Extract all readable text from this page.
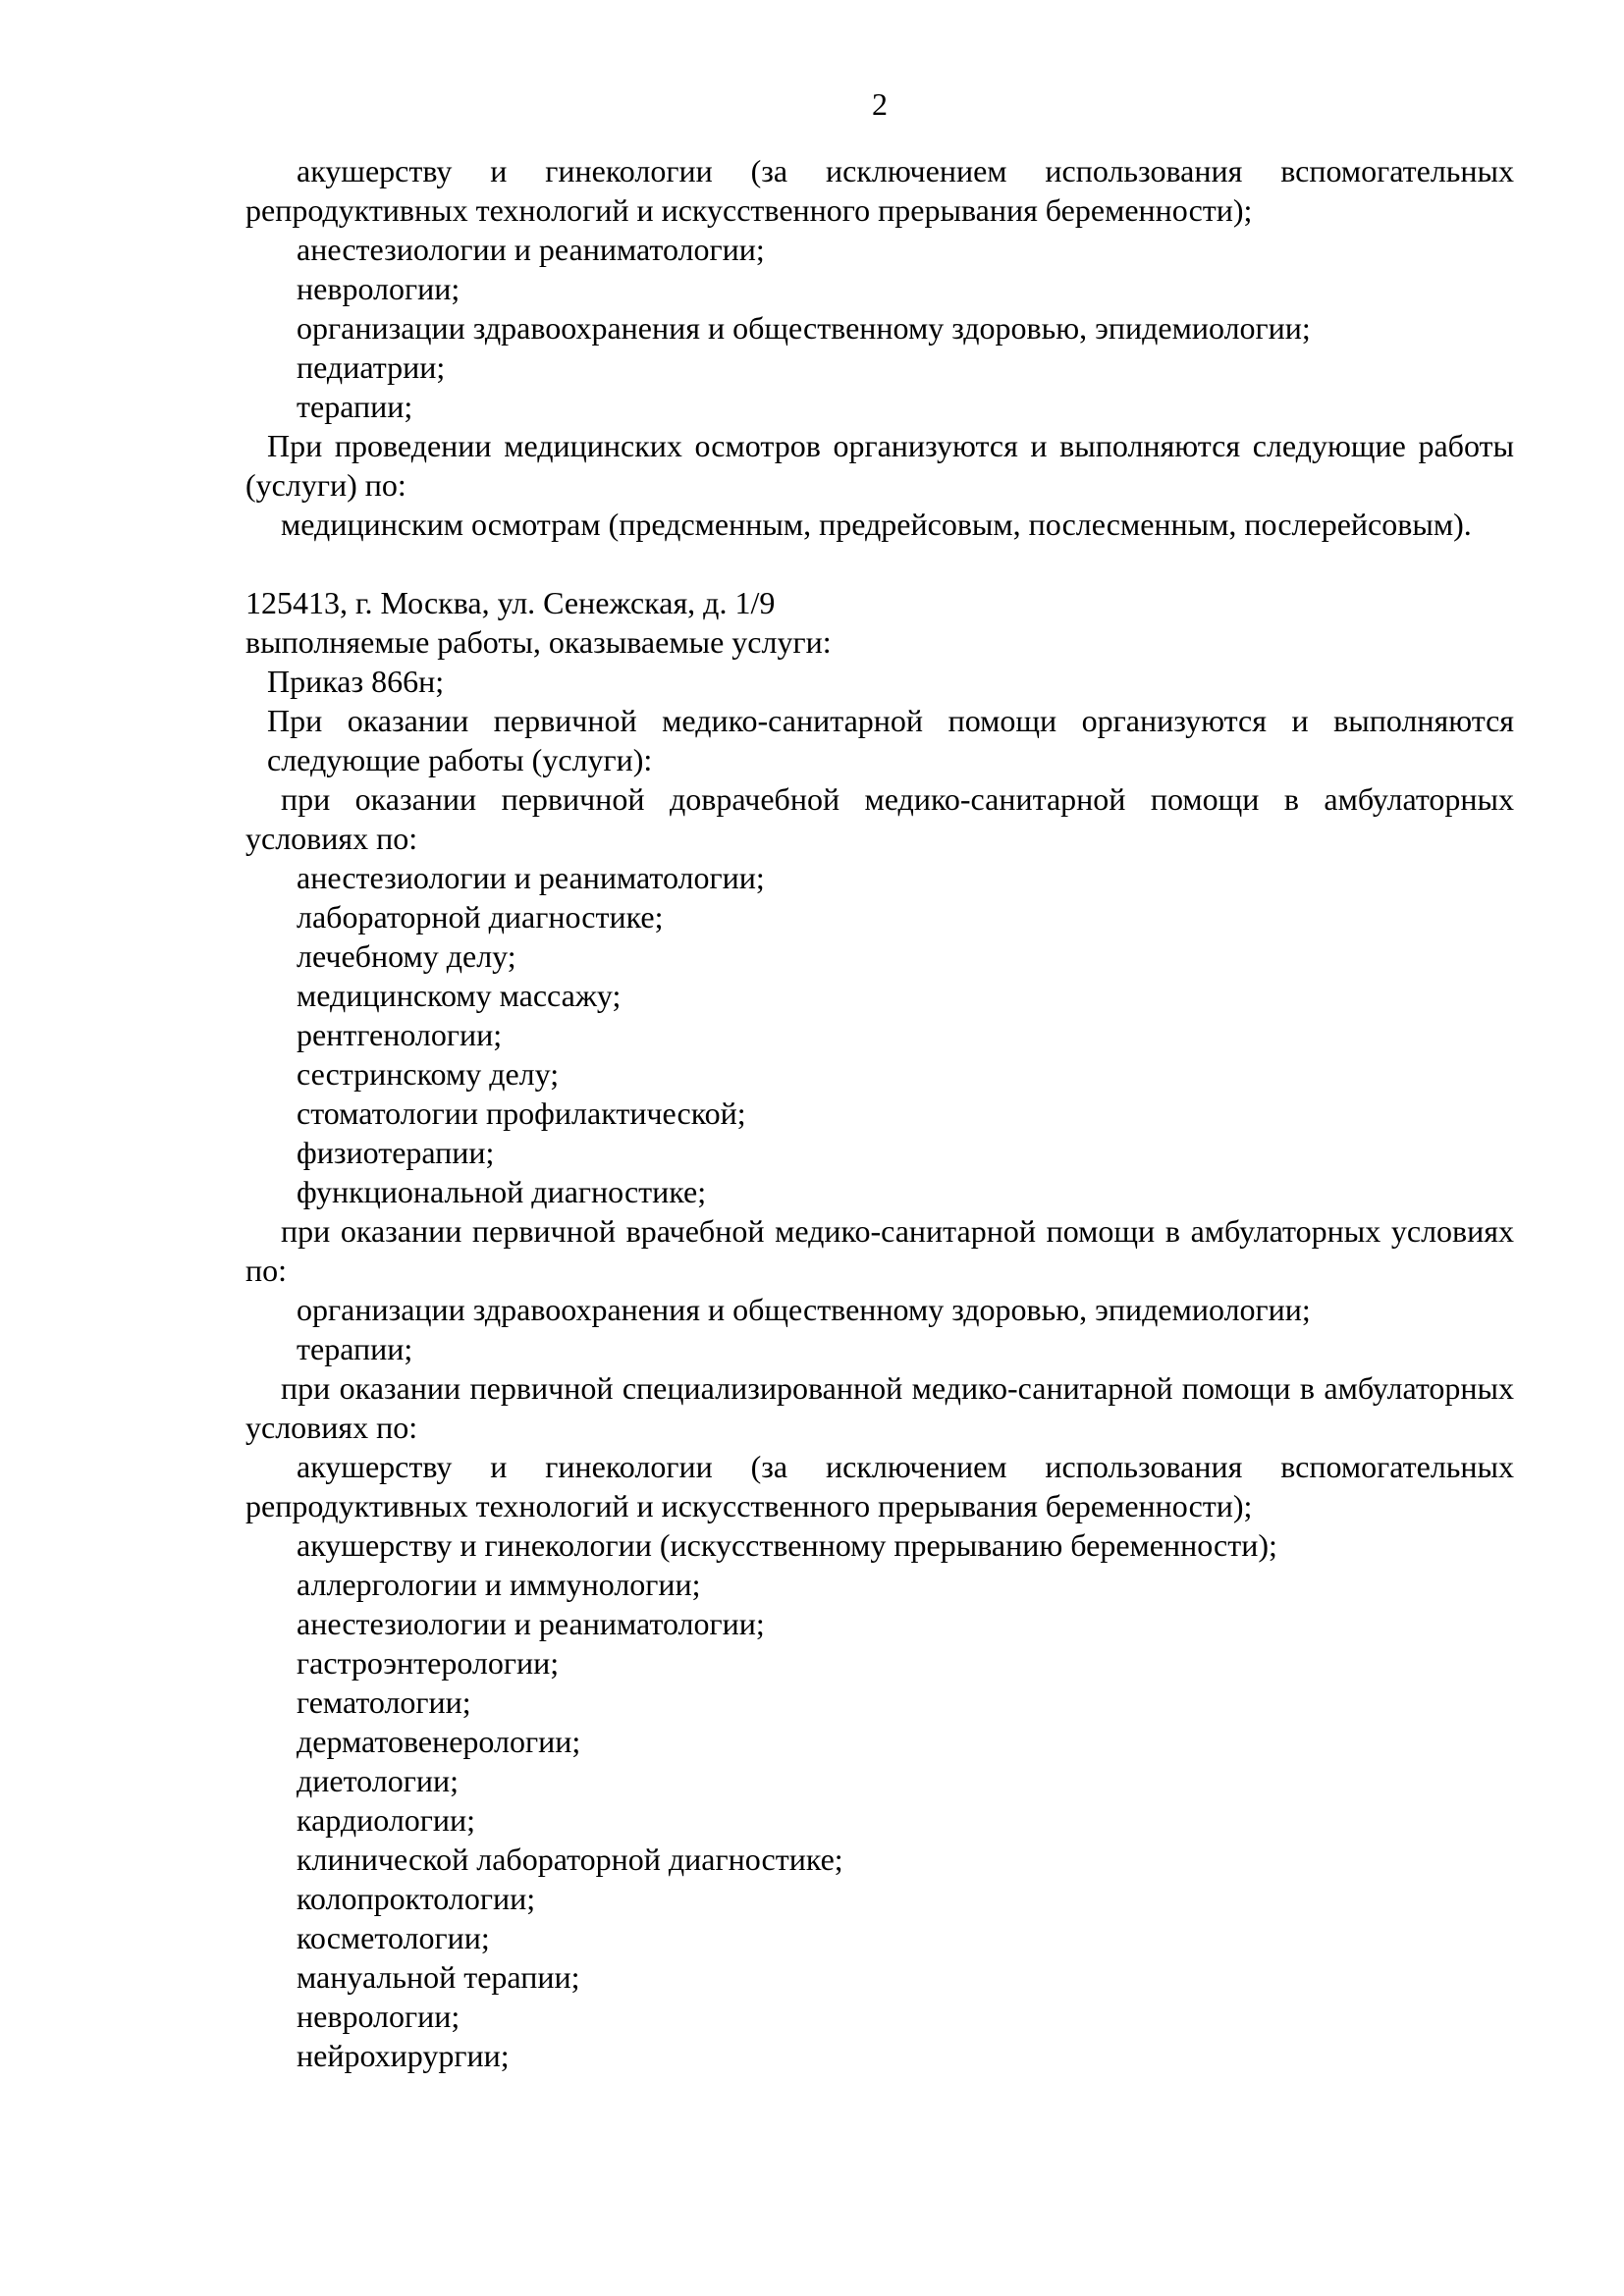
2

акушерству и гинекологии (за исключением использования вспомогательных репродуктивных технологий и искусственного прерывания беременности);

анестезиологии и реаниматологии;

неврологии;

организации здравоохранения и общественному здоровью, эпидемиологии;

педиатрии;

терапии;

При проведении медицинских осмотров организуются и выполняются следующие работы (услуги) по:

медицинским осмотрам (предсменным, предрейсовым, послесменным, послерейсовым).

125413, г. Москва, ул. Сенежская, д. 1/9

выполняемые работы, оказываемые услуги:

Приказ 866н;

При оказании первичной медико-санитарной помощи организуются и выполняются следующие работы (услуги):

при оказании первичной доврачебной медико-санитарной помощи в амбулаторных условиях по:

анестезиологии и реаниматологии;

лабораторной диагностике;

лечебному делу;

медицинскому массажу;

рентгенологии;

сестринскому делу;

стоматологии профилактической;

физиотерапии;

функциональной диагностике;

при оказании первичной врачебной медико-санитарной помощи в амбулаторных условиях по:

организации здравоохранения и общественному здоровью, эпидемиологии;

терапии;

при оказании первичной специализированной медико-санитарной помощи в амбулаторных условиях по:

акушерству и гинекологии (за исключением использования вспомогательных репродуктивных технологий и искусственного прерывания беременности);

акушерству и гинекологии (искусственному прерыванию беременности);

аллергологии и иммунологии;

анестезиологии и реаниматологии;

гастроэнтерологии;

гематологии;

дерматовенерологии;

диетологии;

кардиологии;

клинической лабораторной диагностике;

колопроктологии;

косметологии;

мануальной терапии;

неврологии;

нейрохирургии;
